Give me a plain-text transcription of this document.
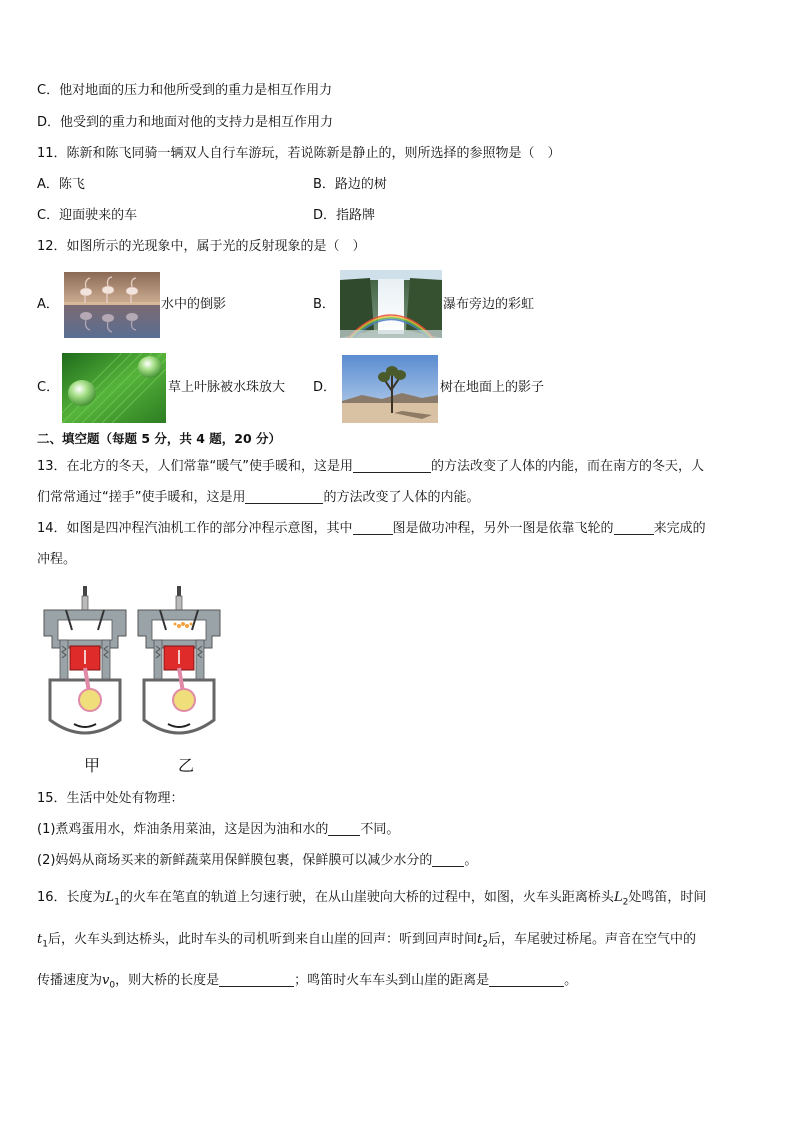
C．他对地面的压力和他所受到的重力是相互作用力
D．他受到的重力和地面对他的支持力是相互作用力
11．陈新和陈飞同骑一辆双人自行车游玩，若说陈新是静止的，则所选择的参照物是（　）
A．陈飞	B．路边的树
C．迎面驶来的车	D．指路牌
12．如图所示的光现象中，属于光的反射现象的是（　）
A．	水中的倒影	B．	瀑布旁边的彩虹
C．	草上叶脉被水珠放大 D．	树在地面上的影子
二、填空题（每题 5 分，共 4 题，20 分）
13．在北方的冬天，人们常靠“暖气”使手暖和，这是用	的方法改变了人体的内能，而在南方的冬天，人
们常常通过“搓手”使手暖和，这是用	的方法改变了人体的内能。
14．如图是四冲程汽油机工作的部分冲程示意图，其中	图是做功冲程，另外一图是依靠飞轮的	来完成的
冲程。
甲	乙
15．生活中处处有物理：
(1)煮鸡蛋用水，炸油条用菜油，这是因为油和水的 不同。
(2)妈妈从商场买来的新鲜蔬菜用保鲜膜包裹，保鲜膜可以减少水分的 。
16．长度为$L_1$的火车在笔直的轨道上匀速行驶，在从山崖驶向大桥的过程中，如图，火车头距离桥头$L_2$处鸣笛，时间
$t_1$后，火车头到达桥头，此时车头的司机听到来自山崖的回声：听到回声时间$t_2$后，车尾驶过桥尾。声音在空气中的
传播速度为$v_0$，则大桥的长度是	；鸣笛时火车车头到山崖的距离是	。
